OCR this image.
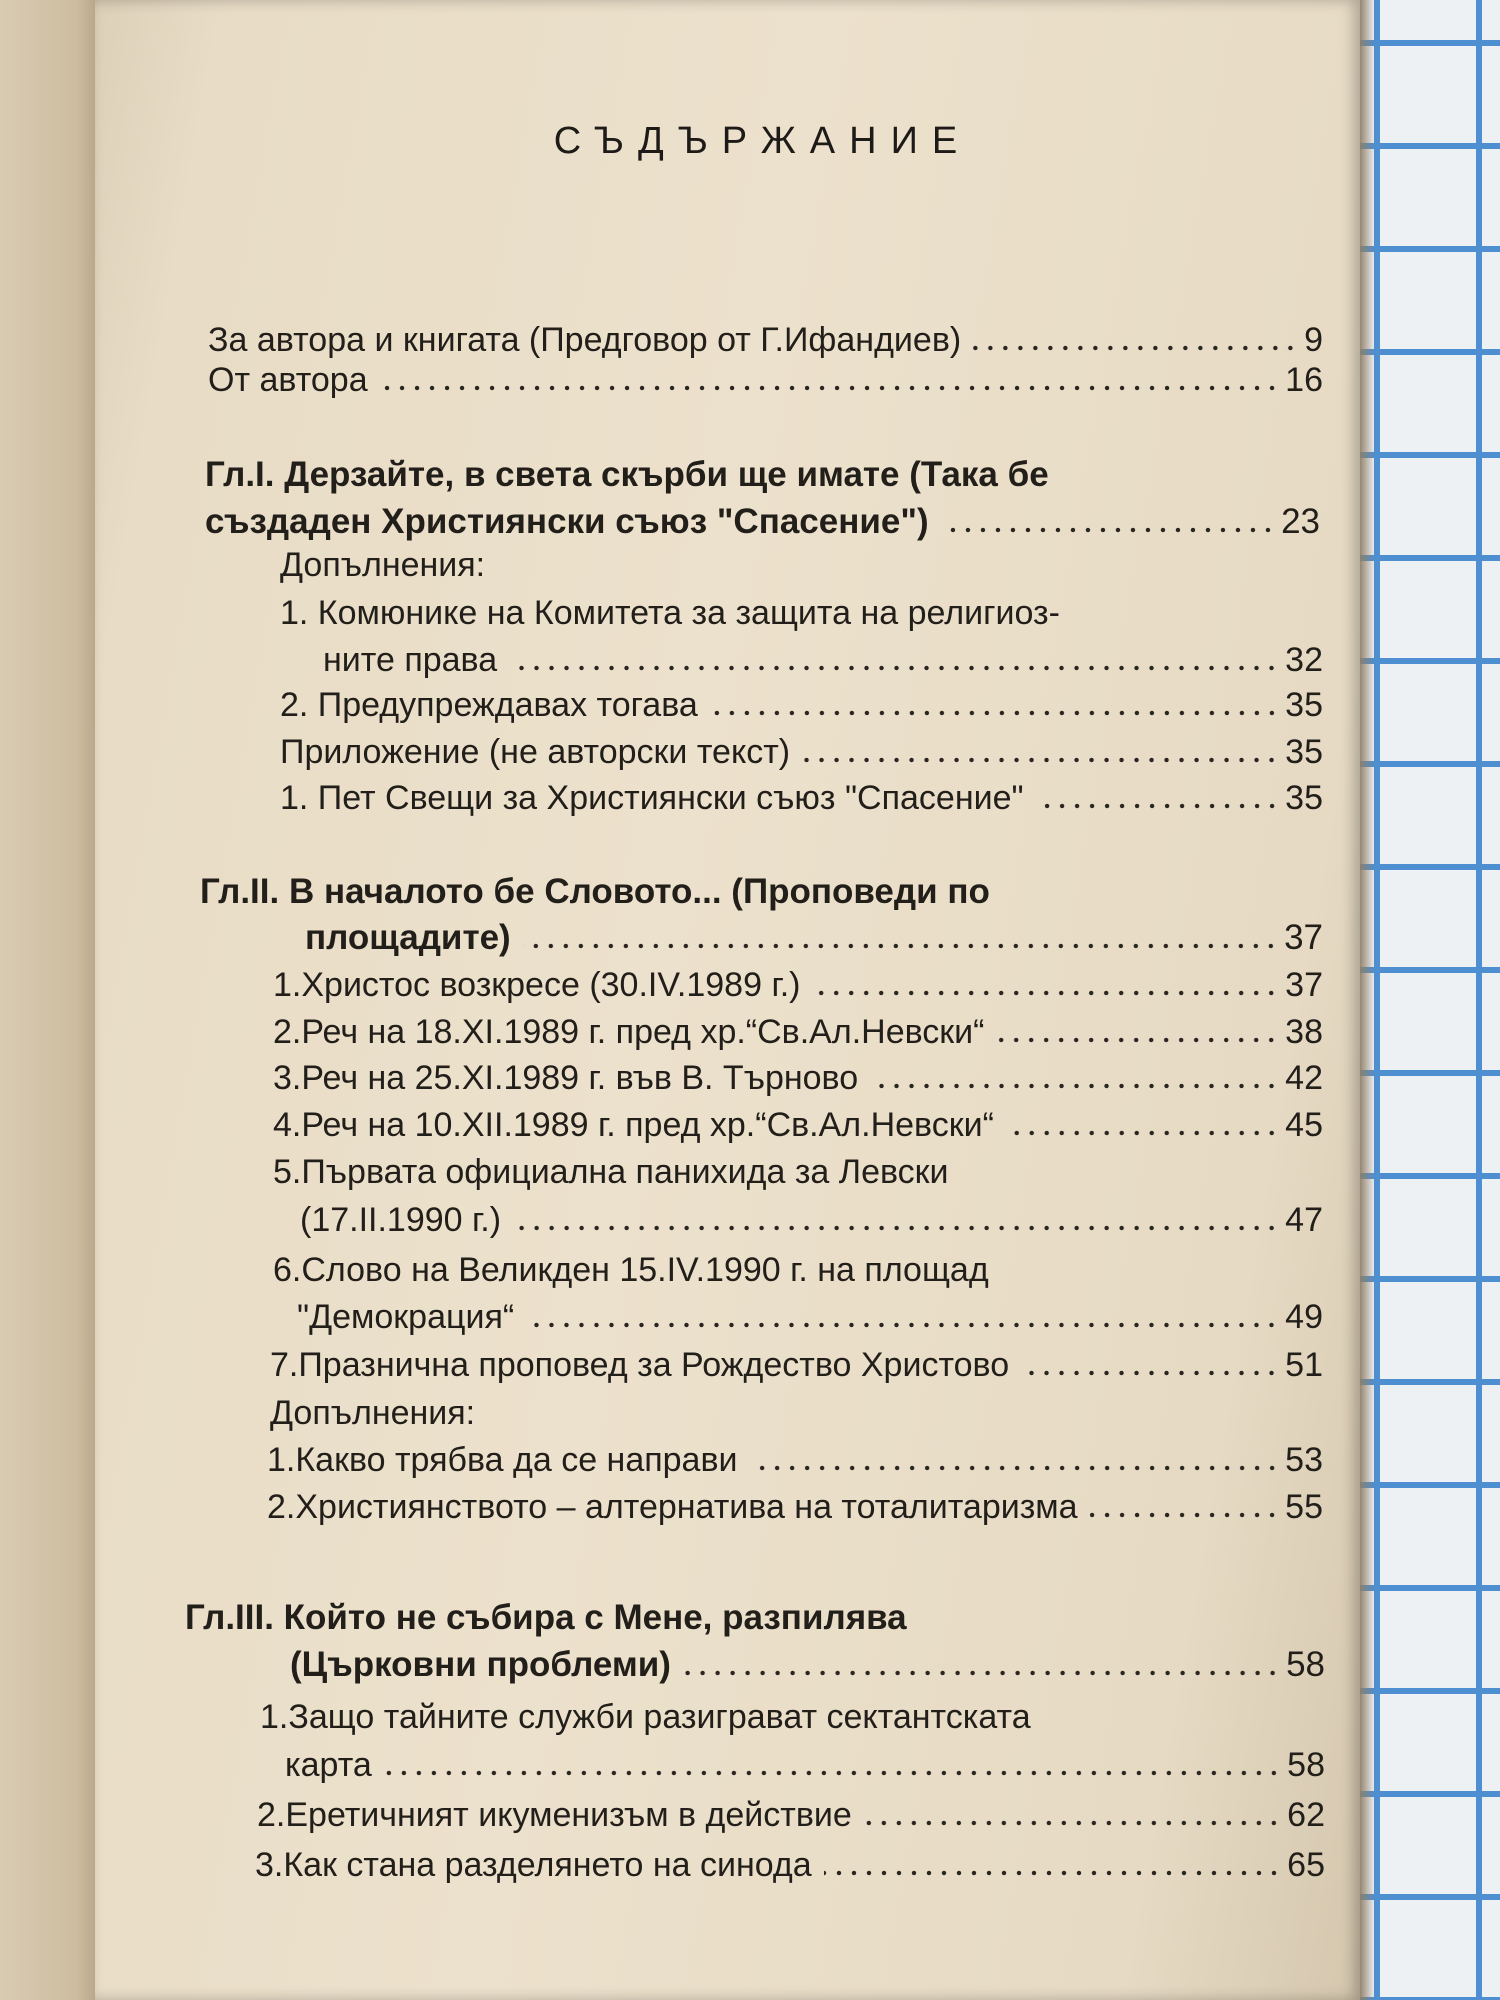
СЪДЪРЖАНИЕ
За автора и книгата (Предговор от Г.Ифандиев)	9
От автора	16
Гл.I. Дерзайте, в света скърби ще имате (Така бе
създаден Християнски съюз "Спасение")	23
Допълнения:
1. Комюнике на Комитета за защита на религиоз-
ните права	32
2. Предупреждавах тогава	35
Приложение (не авторски текст)	35
1. Пет Свещи за Християнски съюз "Спасение"	35
Гл.II. В началото бе Словото... (Проповеди по
площадите)	37
1.Христос возкресе (30.IV.1989 г.)	37
2.Реч на 18.XI.1989 г. пред хр.“Св.Ал.Невски“	38
3.Реч на 25.XI.1989 г. във В. Търново	42
4.Реч на 10.XII.1989 г. пред хр.“Св.Ал.Невски“	45
5.Първата официална панихида за Левски
(17.II.1990 г.)	47
6.Слово на Великден 15.IV.1990 г. на площад
"Демокрация“	49
7.Празнична проповед за Рождество Христово	51
Допълнения:
1.Какво трябва да се направи	53
2.Християнството – алтернатива на тоталитаризма	55
Гл.III. Който не събира с Мене, разпилява
(Църковни проблеми)	58
1.Защо тайните служби разиграват сектантската
карта	58
2.Еретичният икуменизъм в действие	62
3.Как стана разделянето на синода	65
